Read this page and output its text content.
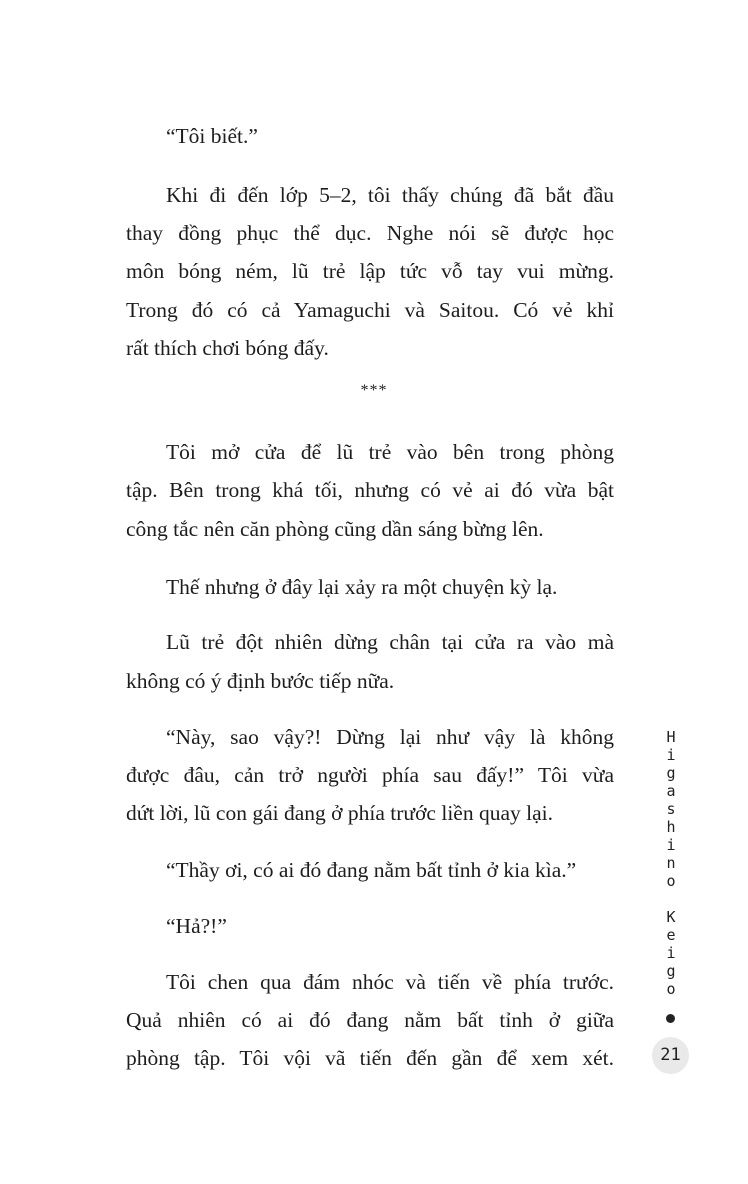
“Tôi biết.”
Khi đi đến lớp 5–2, tôi thấy chúng đã bắt đầu
thay đồng phục thể dục. Nghe nói sẽ được học
môn bóng ném, lũ trẻ lập tức vỗ tay vui mừng.
Trong đó có cả Yamaguchi và Saitou. Có vẻ khỉ
rất thích chơi bóng đấy.
***
Tôi mở cửa để lũ trẻ vào bên trong phòng
tập. Bên trong khá tối, nhưng có vẻ ai đó vừa bật
công tắc nên căn phòng cũng dần sáng bừng lên.
Thế nhưng ở đây lại xảy ra một chuyện kỳ lạ.
Lũ trẻ đột nhiên dừng chân tại cửa ra vào mà
không có ý định bước tiếp nữa.
“Này, sao vậy?! Dừng lại như vậy là không
được đâu, cản trở người phía sau đấy!” Tôi vừa
dứt lời, lũ con gái đang ở phía trước liền quay lại.
“Thầy ơi, có ai đó đang nằm bất tỉnh ở kia kìa.”
“Hả?!”
Tôi chen qua đám nhóc và tiến về phía trước.
Quả nhiên có ai đó đang nằm bất tỉnh ở giữa
phòng tập. Tôi vội vã tiến đến gần để xem xét.
H
i
g
a
s
h
i
n
o
K
e
i
g
o
21
